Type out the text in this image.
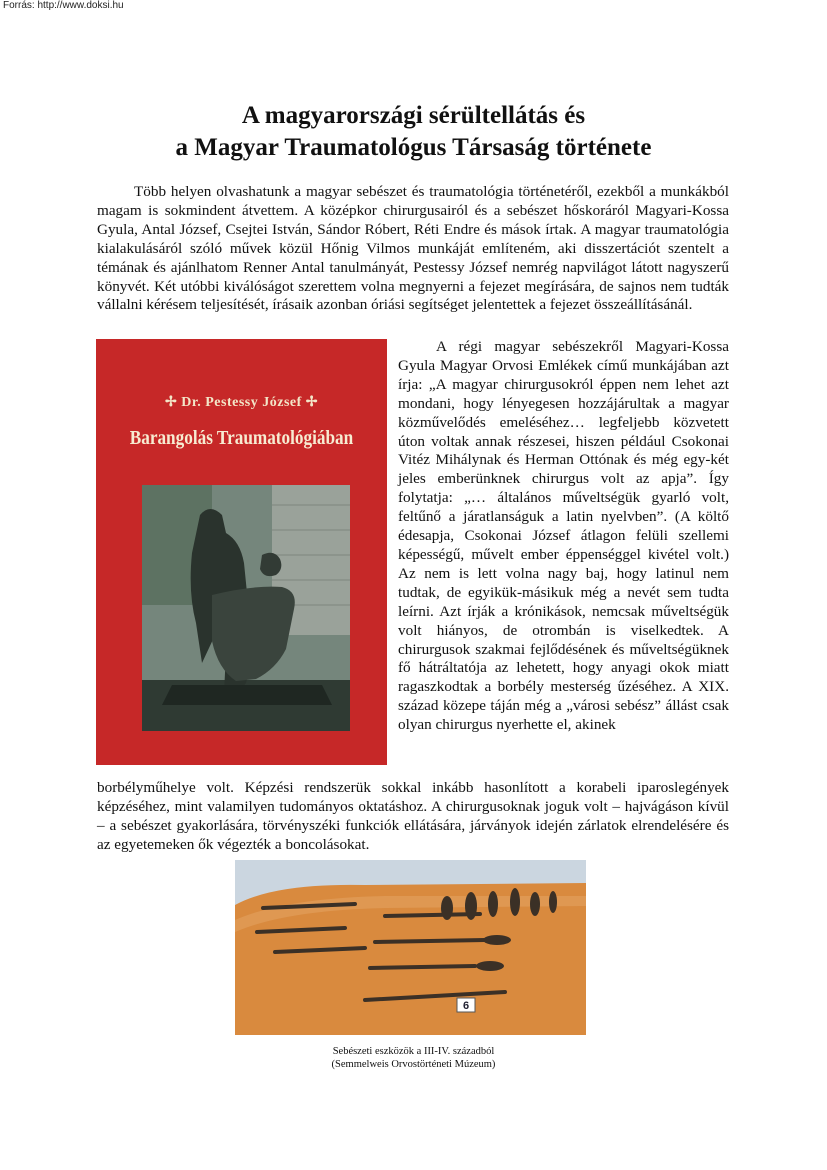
Forrás: http://www.doksi.hu
A magyarországi sérültellátás és
a Magyar Traumatológus Társaság története

Több helyen olvashatunk a magyar sebészet és traumatológia történetéről, ezekből a munkákból magam is sokmindent átvettem. A középkor chirurgusairól és a sebészet hőskoráról Magyari-Kossa Gyula, Antal József, Csejtei István, Sándor Róbert, Réti Endre és mások írtak. A magyar traumatológia kialakulásáról szóló művek közül Hőnig Vilmos munkáját említeném, aki disszertációt szentelt a témának és ajánlhatom Renner Antal tanulmányát, Pestessy József nemrég napvilágot látott nagyszerű könyvét. Két utóbbi kiválóságot szerettem volna megnyerni a fejezet megírására, de sajnos nem tudták vállalni kérésem teljesítését, írásaik azonban óriási segítséget jelentettek a fejezet összeállításánál.

✢ Dr. Pestessy József ✢
Barangolás Traumatológiában

A régi magyar sebészekről Magyari-Kossa Gyula Magyar Orvosi Emlékek című munkájában azt írja: „A magyar chirurgusokról éppen nem lehet azt mondani, hogy lényegesen hozzájárultak a magyar közművelődés emeléséhez… legfeljebb közvetett úton voltak annak részesei, hiszen például Csokonai Vitéz Mihálynak és Herman Ottónak és még egy-két jeles emberünknek chirurgus volt az apja”. Így folytatja: „… általános műveltségük gyarló volt, feltűnő a járatlanságuk a latin nyelvben”. (A költő édesapja, Csokonai József átlagon felüli szellemi képességű, művelt ember éppenséggel kivétel volt.) Az nem is lett volna nagy baj, hogy latinul nem tudtak, de egyikük-másikuk még a nevét sem tudta leírni. Azt írják a krónikások, nemcsak műveltségük volt hiányos, de otrombán is viselkedtek. A chirurgusok szakmai fejlődésének és műveltségüknek fő hátráltatója az lehetett, hogy anyagi okok miatt ragaszkodtak a borbély mesterség űzéséhez. A XIX. század közepe táján még a „városi sebész” állást csak olyan chirurgus nyerhette el, akinek

borbélyműhelye volt. Képzési rendszerük sokkal inkább hasonlított a korabeli iparoslegények képzéséhez, mint valamilyen tudományos oktatáshoz. A chirurgusoknak joguk volt – hajvágáson kívül – a sebészet gyakorlására, törvényszéki funkciók ellátására, járványok idején zárlatok elrendelésére és az egyetemeken ők végezték a boncolásokat.

6
Sebészeti eszközök a III-IV. századból
(Semmelweis Orvostörténeti Múzeum)
